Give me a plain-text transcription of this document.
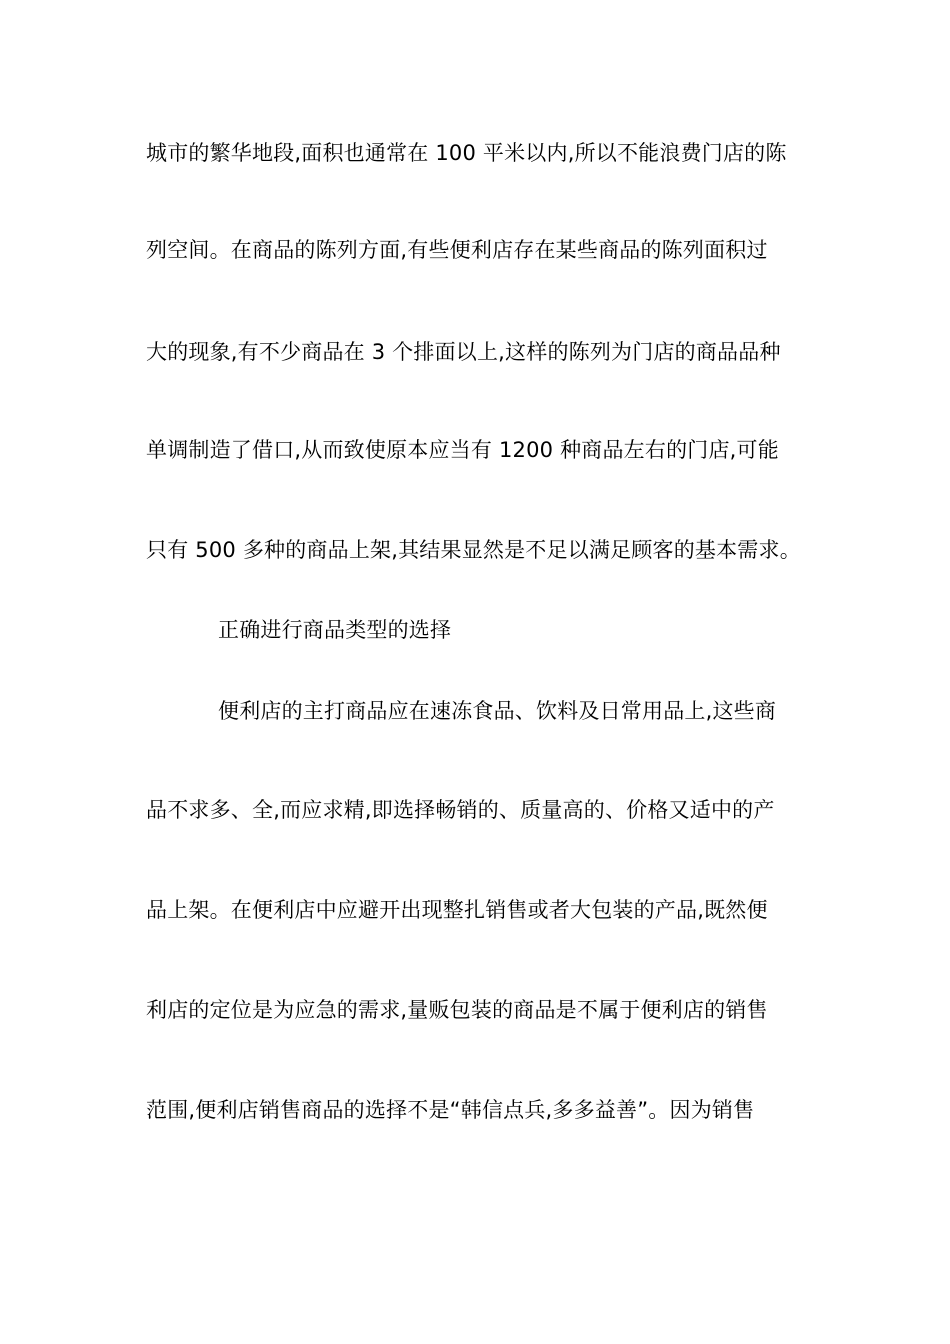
城市的繁华地段,面积也通常在 100 平米以内,所以不能浪费门店的陈
列空间。在商品的陈列方面,有些便利店存在某些商品的陈列面积过
大的现象,有不少商品在 3 个排面以上,这样的陈列为门店的商品品种
单调制造了借口,从而致使原本应当有 1200 种商品左右的门店,可能
只有 500 多种的商品上架,其结果显然是不足以满足顾客的基本需求。
正确进行商品类型的选择
便利店的主打商品应在速冻食品、饮料及日常用品上,这些商
品不求多、全,而应求精,即选择畅销的、质量高的、价格又适中的产
品上架。在便利店中应避开出现整扎销售或者大包装的产品,既然便
利店的定位是为应急的需求,量贩包装的商品是不属于便利店的销售
范围,便利店销售商品的选择不是“韩信点兵,多多益善”。因为销售
